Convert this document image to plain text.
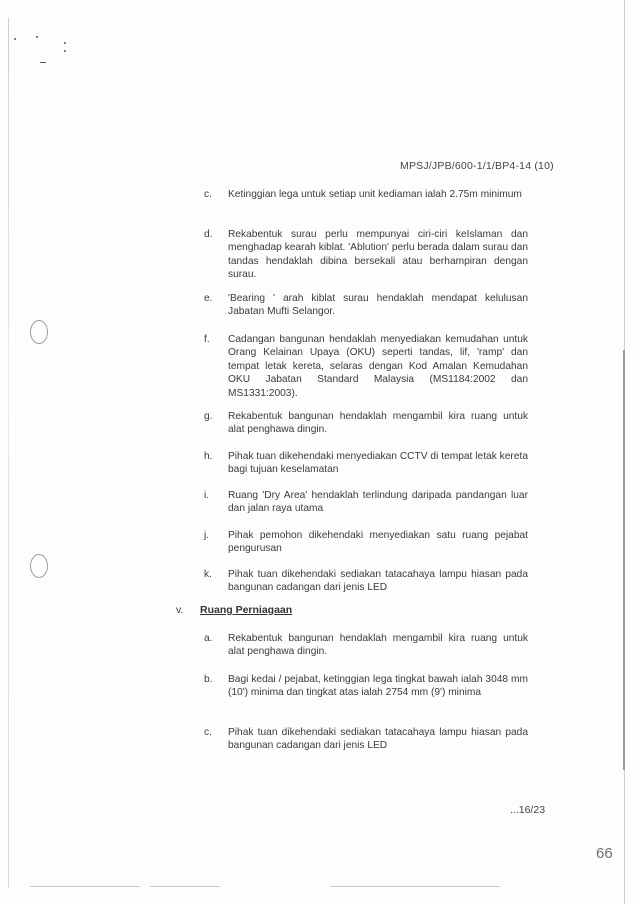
MPSJ/JPB/600-1/1/BP4-14 (10)
c.	Ketinggian lega untuk setiap unit kediaman ialah 2.75m minimum
d.	Rekabentuk surau perlu mempunyai ciri-ciri keIslaman dan menghadap kearah kiblat. 'Ablution' perlu berada dalam surau dan tandas hendaklah dibina bersekali atau berhampiran dengan surau.
e.	'Bearing ' arah kiblat surau hendaklah mendapat kelulusan Jabatan Mufti Selangor.
f.	Cadangan bangunan hendaklah menyediakan kemudahan untuk Orang Kelainan Upaya (OKU) seperti tandas, lif, 'ramp' dan tempat letak kereta, selaras dengan Kod Amalan Kemudahan OKU Jabatan Standard Malaysia (MS1184:2002 dan MS1331:2003).
g.	Rekabentuk bangunan hendaklah mengambil kira ruang untuk alat penghawa dingin.
h.	Pihak tuan dikehendaki menyediakan CCTV di tempat letak kereta bagi tujuan keselamatan
i.	Ruang 'Dry Area' hendaklah terlindung daripada pandangan luar dan jalan raya utama
j.	Pihak pemohon dikehendaki menyediakan satu ruang pejabat pengurusan
k.	Pihak tuan dikehendaki sediakan tatacahaya lampu hiasan pada bangunan cadangan dari jenis LED
v. Ruang Perniagaan
a.	Rekabentuk bangunan hendaklah mengambil kira ruang untuk alat penghawa dingin.
b.	Bagi kedai / pejabat, ketinggian lega tingkat bawah ialah 3048 mm (10') minima dan tingkat atas ialah 2754 mm (9') minima
c.	Pihak tuan dikehendaki sediakan tatacahaya lampu hiasan pada bangunan cadangan dari jenis LED
...16/23
66
